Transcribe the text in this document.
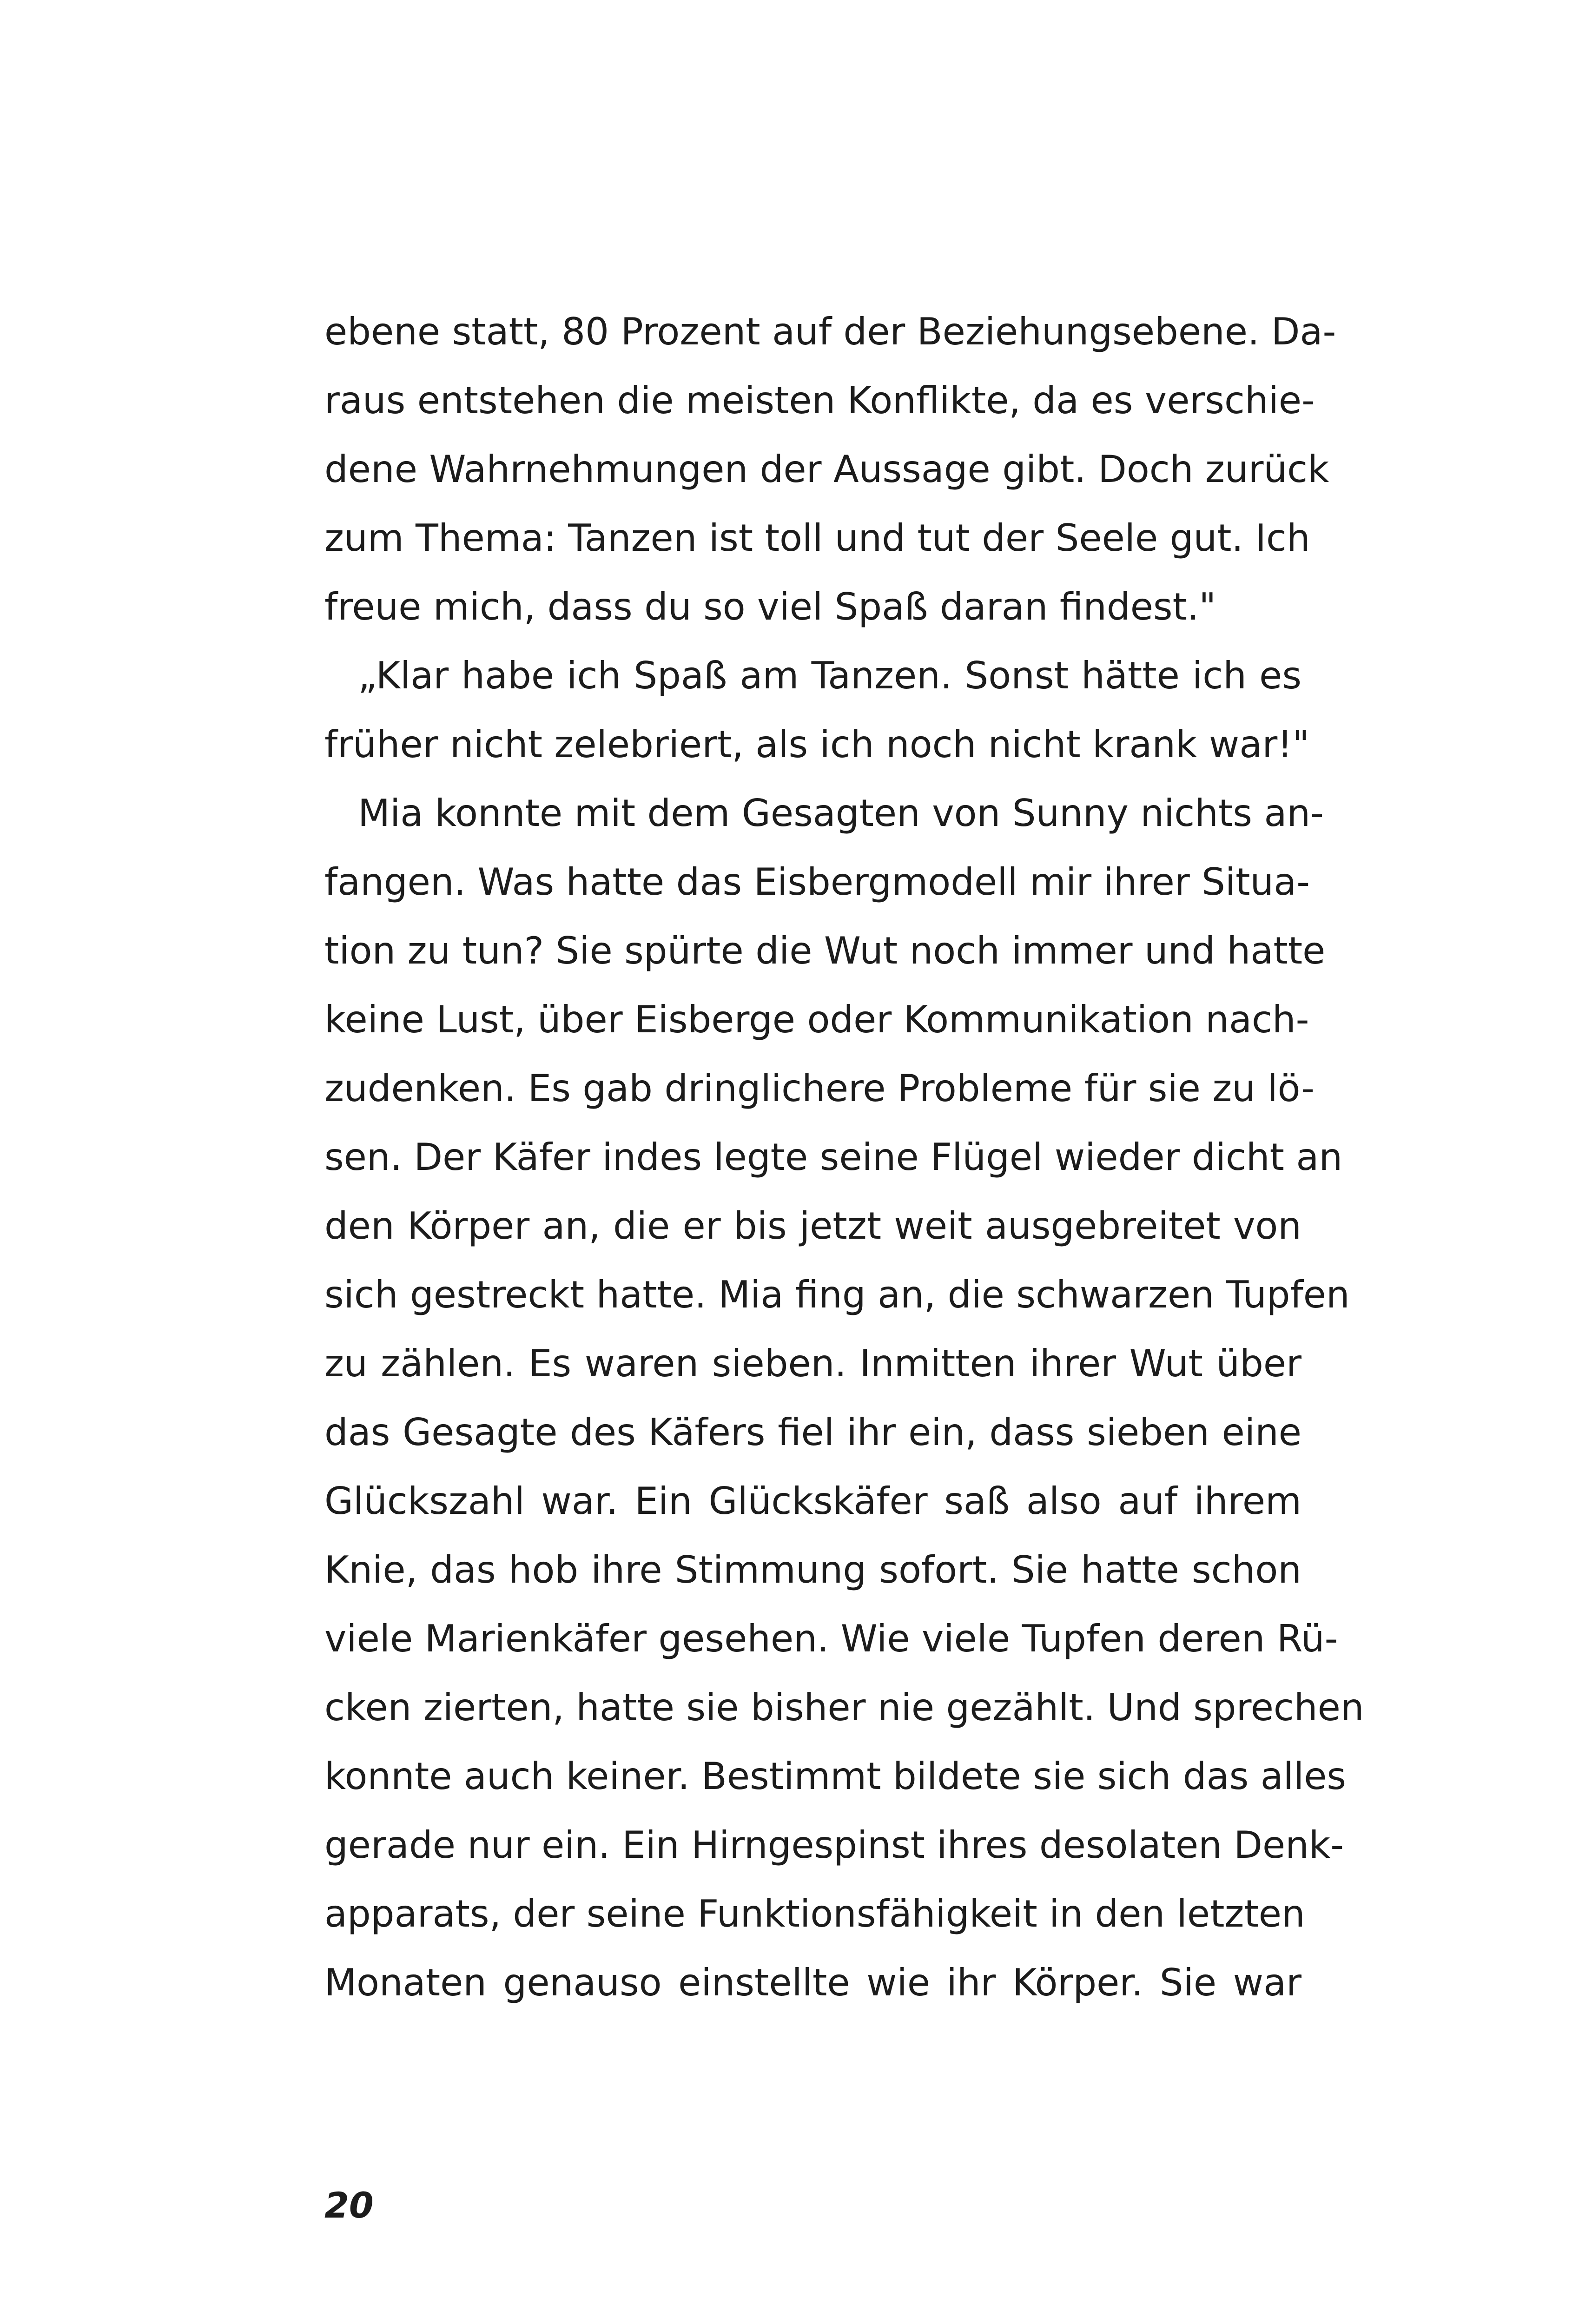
ebene statt, 80 Prozent auf der Beziehungsebene. Da-
raus entstehen die meisten Konflikte, da es verschie-
dene Wahrnehmungen der Aussage gibt. Doch zurück
zum Thema: Tanzen ist toll und tut der Seele gut. Ich
freue mich, dass du so viel Spaß daran findest."
„Klar habe ich Spaß am Tanzen. Sonst hätte ich es
früher nicht zelebriert, als ich noch nicht krank war!"
Mia konnte mit dem Gesagten von Sunny nichts an-
fangen. Was hatte das Eisbergmodell mir ihrer Situa-
tion zu tun? Sie spürte die Wut noch immer und hatte
keine Lust, über Eisberge oder Kommunikation nach-
zudenken. Es gab dringlichere Probleme für sie zu lö-
sen. Der Käfer indes legte seine Flügel wieder dicht an
den Körper an, die er bis jetzt weit ausgebreitet von
sich gestreckt hatte. Mia fing an, die schwarzen Tupfen
zu zählen. Es waren sieben. Inmitten ihrer Wut über
das Gesagte des Käfers fiel ihr ein, dass sieben eine
Glückszahl war. Ein Glückskäfer saß also auf ihrem
Knie, das hob ihre Stimmung sofort. Sie hatte schon
viele Marienkäfer gesehen. Wie viele Tupfen deren Rü-
cken zierten, hatte sie bisher nie gezählt. Und sprechen
konnte auch keiner. Bestimmt bildete sie sich das alles
gerade nur ein. Ein Hirngespinst ihres desolaten Denk-
apparats, der seine Funktionsfähigkeit in den letzten
Monaten genauso einstellte wie ihr Körper. Sie war
20
